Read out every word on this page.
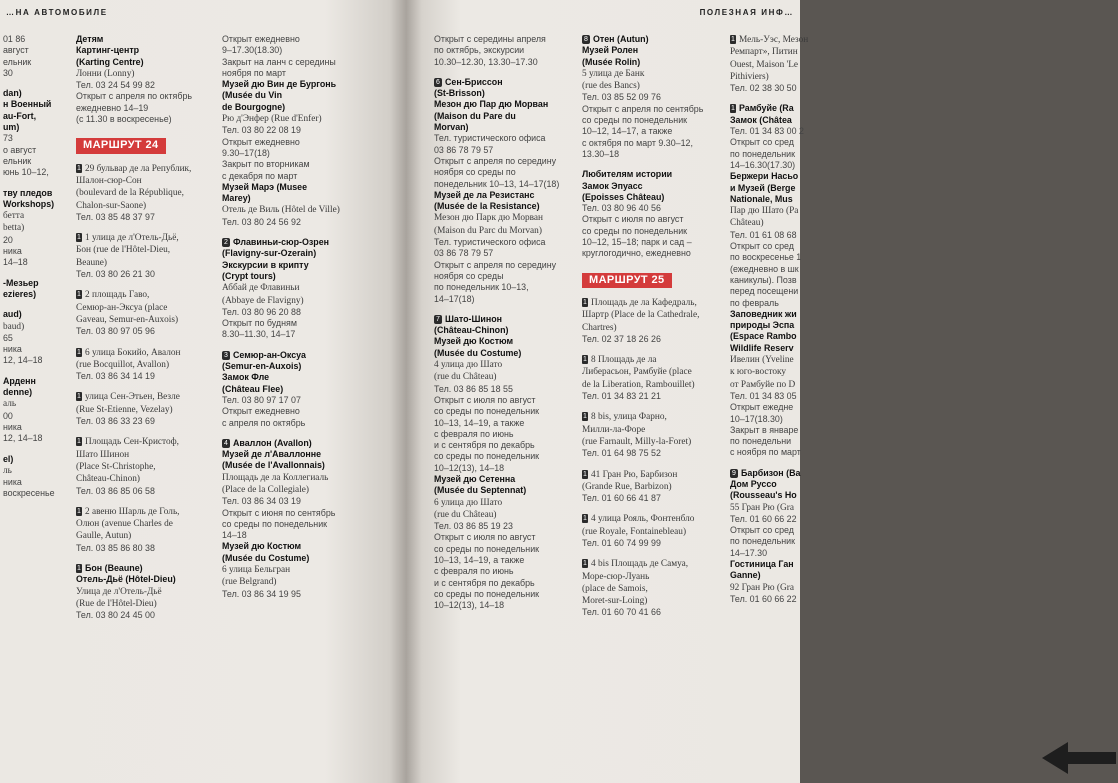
…НА АВТОМОБИЛЕ	ПОЛЕЗНАЯ ИНФ…
01 86
август
ельник
30
dan)
н Военный
au-Fort,
um)
73
о август
ельник
юнь 10–12,
тву пледов
Workshops)
бетта
betta)
20
ника
14–18
-Мезьер
ezieres)
aud)
baud)
65
ника
12, 14–18
Арденн
denne)
аль
00
ника
12, 14–18
el)
ль
ника
воскресенье
Детям
Картинг-центр
(Karting Centre)
Лонни (Lonny)
Тел. 03 24 54 99 82
Открыт с апреля по октябрь
ежедневно 14–19
(с 11.30 в воскресенье)
МАРШРУТ 24
1 29 бульвар де ла Републик,
Шалон-сюр-Сон
(boulevard de la République,
Chalon-sur-Saone)
Тел. 03 85 48 37 97
1 1 улица де л'Отель-Дьё,
Бон (rue de l'Hôtel-Dieu,
Beaune)
Тел. 03 80 26 21 30
1 2 площадь Гаво,
Семюр-ан-Эксуа (place
Gaveau, Semur-en-Auxois)
Тел. 03 80 97 05 96
1 6 улица Бокийо, Авалон
(rue Bocquillot, Avallon)
Тел. 03 86 34 14 19
1 улица Сен-Этьен, Везле
(Rue St-Etienne, Vezelay)
Тел. 03 86 33 23 69
1 Площадь Сен-Кристоф,
Шато Шинон
(Place St-Christophe,
Château-Chinon)
Тел. 03 86 85 06 58
1 2 авеню Шарль де Голь,
Олюн (avenue Charles de
Gaulle, Autun)
Тел. 03 85 86 80 38
1 Бон (Beaune)
Отель-Дьё (Hôtel-Dieu)
Улица де л'Отель-Дьё
(Rue de l'Hôtel-Dieu)
Тел. 03 80 24 45 00
Открыт ежедневно
9–17.30(18.30)
Закрыт на ланч с середины
ноября по март
Музей дю Вин де Бургонь
(Musée du Vin
de Bourgogne)
Рю д'Энфер (Rue d'Enfer)
Тел. 03 80 22 08 19
Открыт ежедневно
9.30–17(18)
Закрыт по вторникам
с декабря по март
Музей Марэ (Musee
Marey)
Отель де Виль (Hôtel de Ville)
Тел. 03 80 24 56 92
2 Флавиньи-сюр-Озрен
(Flavigny-sur-Ozerain)
Экскурсии в крипту
(Crypt tours)
Аббай де Флавиньи
(Abbaye de Flavigny)
Тел. 03 80 96 20 88
Открыт по будням
8.30–11.30, 14–17
3 Семюр-ан-Оксуа
(Semur-en-Auxois)
Замок Фле
(Château Flee)
Тел. 03 80 97 17 07
Открыт ежедневно
с апреля по октябрь
4 Аваллон (Avallon)
Музей де л'Аваллонне
(Musée de l'Avallonnais)
Площадь де ла Коллегиаль
(Place de la Collegiale)
Тел. 03 86 34 03 19
Открыт с июня по сентябрь
со среды по понедельник
14–18
Музей дю Костюм
(Musée du Costume)
6 улица Бельгран
(rue Belgrand)
Тел. 03 86 34 19 95
Открыт с середины апреля
по октябрь, экскурсии
10.30–12.30, 13.30–17.30
6 Сен-Бриссон
(St-Brisson)
Мезон дю Пар дю Морван
(Maison du Pare du
Morvan)
Тел. туристического офиса
03 86 78 79 57
Открыт с апреля по середину
ноября со среды по
понедельник 10–13, 14–17(18)
Музей де ла Резистанс
(Musée de la Resistance)
Мезон дю Парк дю Морван
(Maison du Parc du Morvan)
Тел. туристического офиса
03 86 78 79 57
Открыт с апреля по середину
ноября со среды
по понедельник 10–13,
14–17(18)
7 Шато-Шинон
(Château-Chinon)
Музей дю Костюм
(Musée du Costume)
4 улица дю Шато
(rue du Château)
Тел. 03 86 85 18 55
Открыт с июля по август
со среды по понедельник
10–13, 14–19, а также
с февраля по июнь
и с сентября по декабрь
со среды по понедельник
10–12(13), 14–18
Музей дю Сетенна
(Musée du Septennat)
6 улица дю Шато
(rue du Château)
Тел. 03 86 85 19 23
Открыт с июля по август
со среды по понедельник
10–13, 14–19, а также
с февраля по июнь
и с сентября по декабрь
со среды по понедельник
10–12(13), 14–18
8 Отен (Autun)
Музей Ролен
(Musée Rolin)
5 улица де Банк
(rue des Bancs)
Тел. 03 85 52 09 76
Открыт с апреля по сентябрь
со среды по понедельник
10–12, 14–17, а также
с октября по март 9.30–12,
13.30–18
Любителям истории
Замок Эпуасс
(Epoisses Château)
Тел. 03 80 96 40 56
Открыт с июля по август
со среды по понедельник
10–12, 15–18; парк и сад –
круглогодично, ежедневно
МАРШРУТ 25
1 Площадь де ла Кафедраль,
Шартр (Place de la Cathedrale,
Chartres)
Тел. 02 37 18 26 26
1 8 Площадь де ла
Либерасьон, Рамбуйе (place
de la Liberation, Rambouillet)
Тел. 01 34 83 21 21
1 8 bis, улица Фарно,
Милли-ла-Форе
(rue Farnault, Milly-la-Foret)
Тел. 01 64 98 75 52
1 41 Гран Рю, Барбизон
(Grande Rue, Barbizon)
Тел. 01 60 66 41 87
1 4 улица Рояль, Фонтенбло
(rue Royale, Fontainebleau)
Тел. 01 60 74 99 99
1 4 bis Площадь де Самуа,
Море-сюр-Луань
(place de Samois,
Moret-sur-Loing)
Тел. 01 60 70 41 66
1 Мель-Уэс, Мезон
Ремпарт», Питин
Ouest, Maison 'Le
Pithiviers)
Тел. 02 38 30 50
1 Рамбуйе (Ra
Замок (Châtea
Тел. 01 34 83 00 2
Открыт со сред
по понедельник
14–16.30(17.30)
Бержери Насьо
и Музей (Berge
Nationale, Mus
Пар дю Шато (Pa
Château)
Тел. 01 61 08 68
Открыт со сред
по воскресенье 1
(ежедневно в шк
каникулы). Позв
перед посещени
по февраль
Заповедник жи
природы Эспа
(Espace Rambo
Wildlife Reserv
Ивелин (Yveline
к юго-востоку
от Рамбуйе по D
Тел. 01 34 83 05
Открыт ежедне
10–17(18.30)
Закрыт в январе
по понедельни
с ноября по март
9 Барбизон (Ba
Дом Руссо
(Rousseau's Ho
55 Гран Рю (Gra
Тел. 01 60 66 22
Открыт со сред
по понедельник
14–17.30
Гостиница Ган
Ganne)
92 Гран Рю (Gra
Тел. 01 60 66 22
